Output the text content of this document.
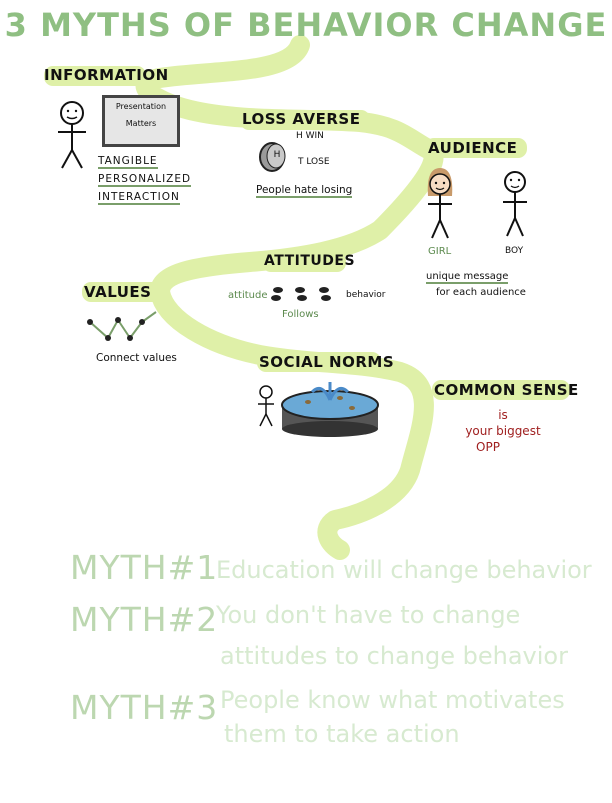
3 MYTHS OF BEHAVIOR CHANGE
INFORMATION
Presentation
Matters
TANGIBLE
PERSONALIZED
INTERACTION
LOSS AVERSE
H
H WIN
T LOSE
People hate losing
AUDIENCE
GIRL	BOY
unique message
for each audience
ATTITUDES
attitude	behavior
Follows
VALUES
Connect values	SOCIAL NORMS
COMMON SENSE
is
your biggest
OPP
MYTH#1
Education will change behavior
MYTH#2
You don't have to change
attitudes to change behavior
MYTH#3 People know what motivates
them to take action
